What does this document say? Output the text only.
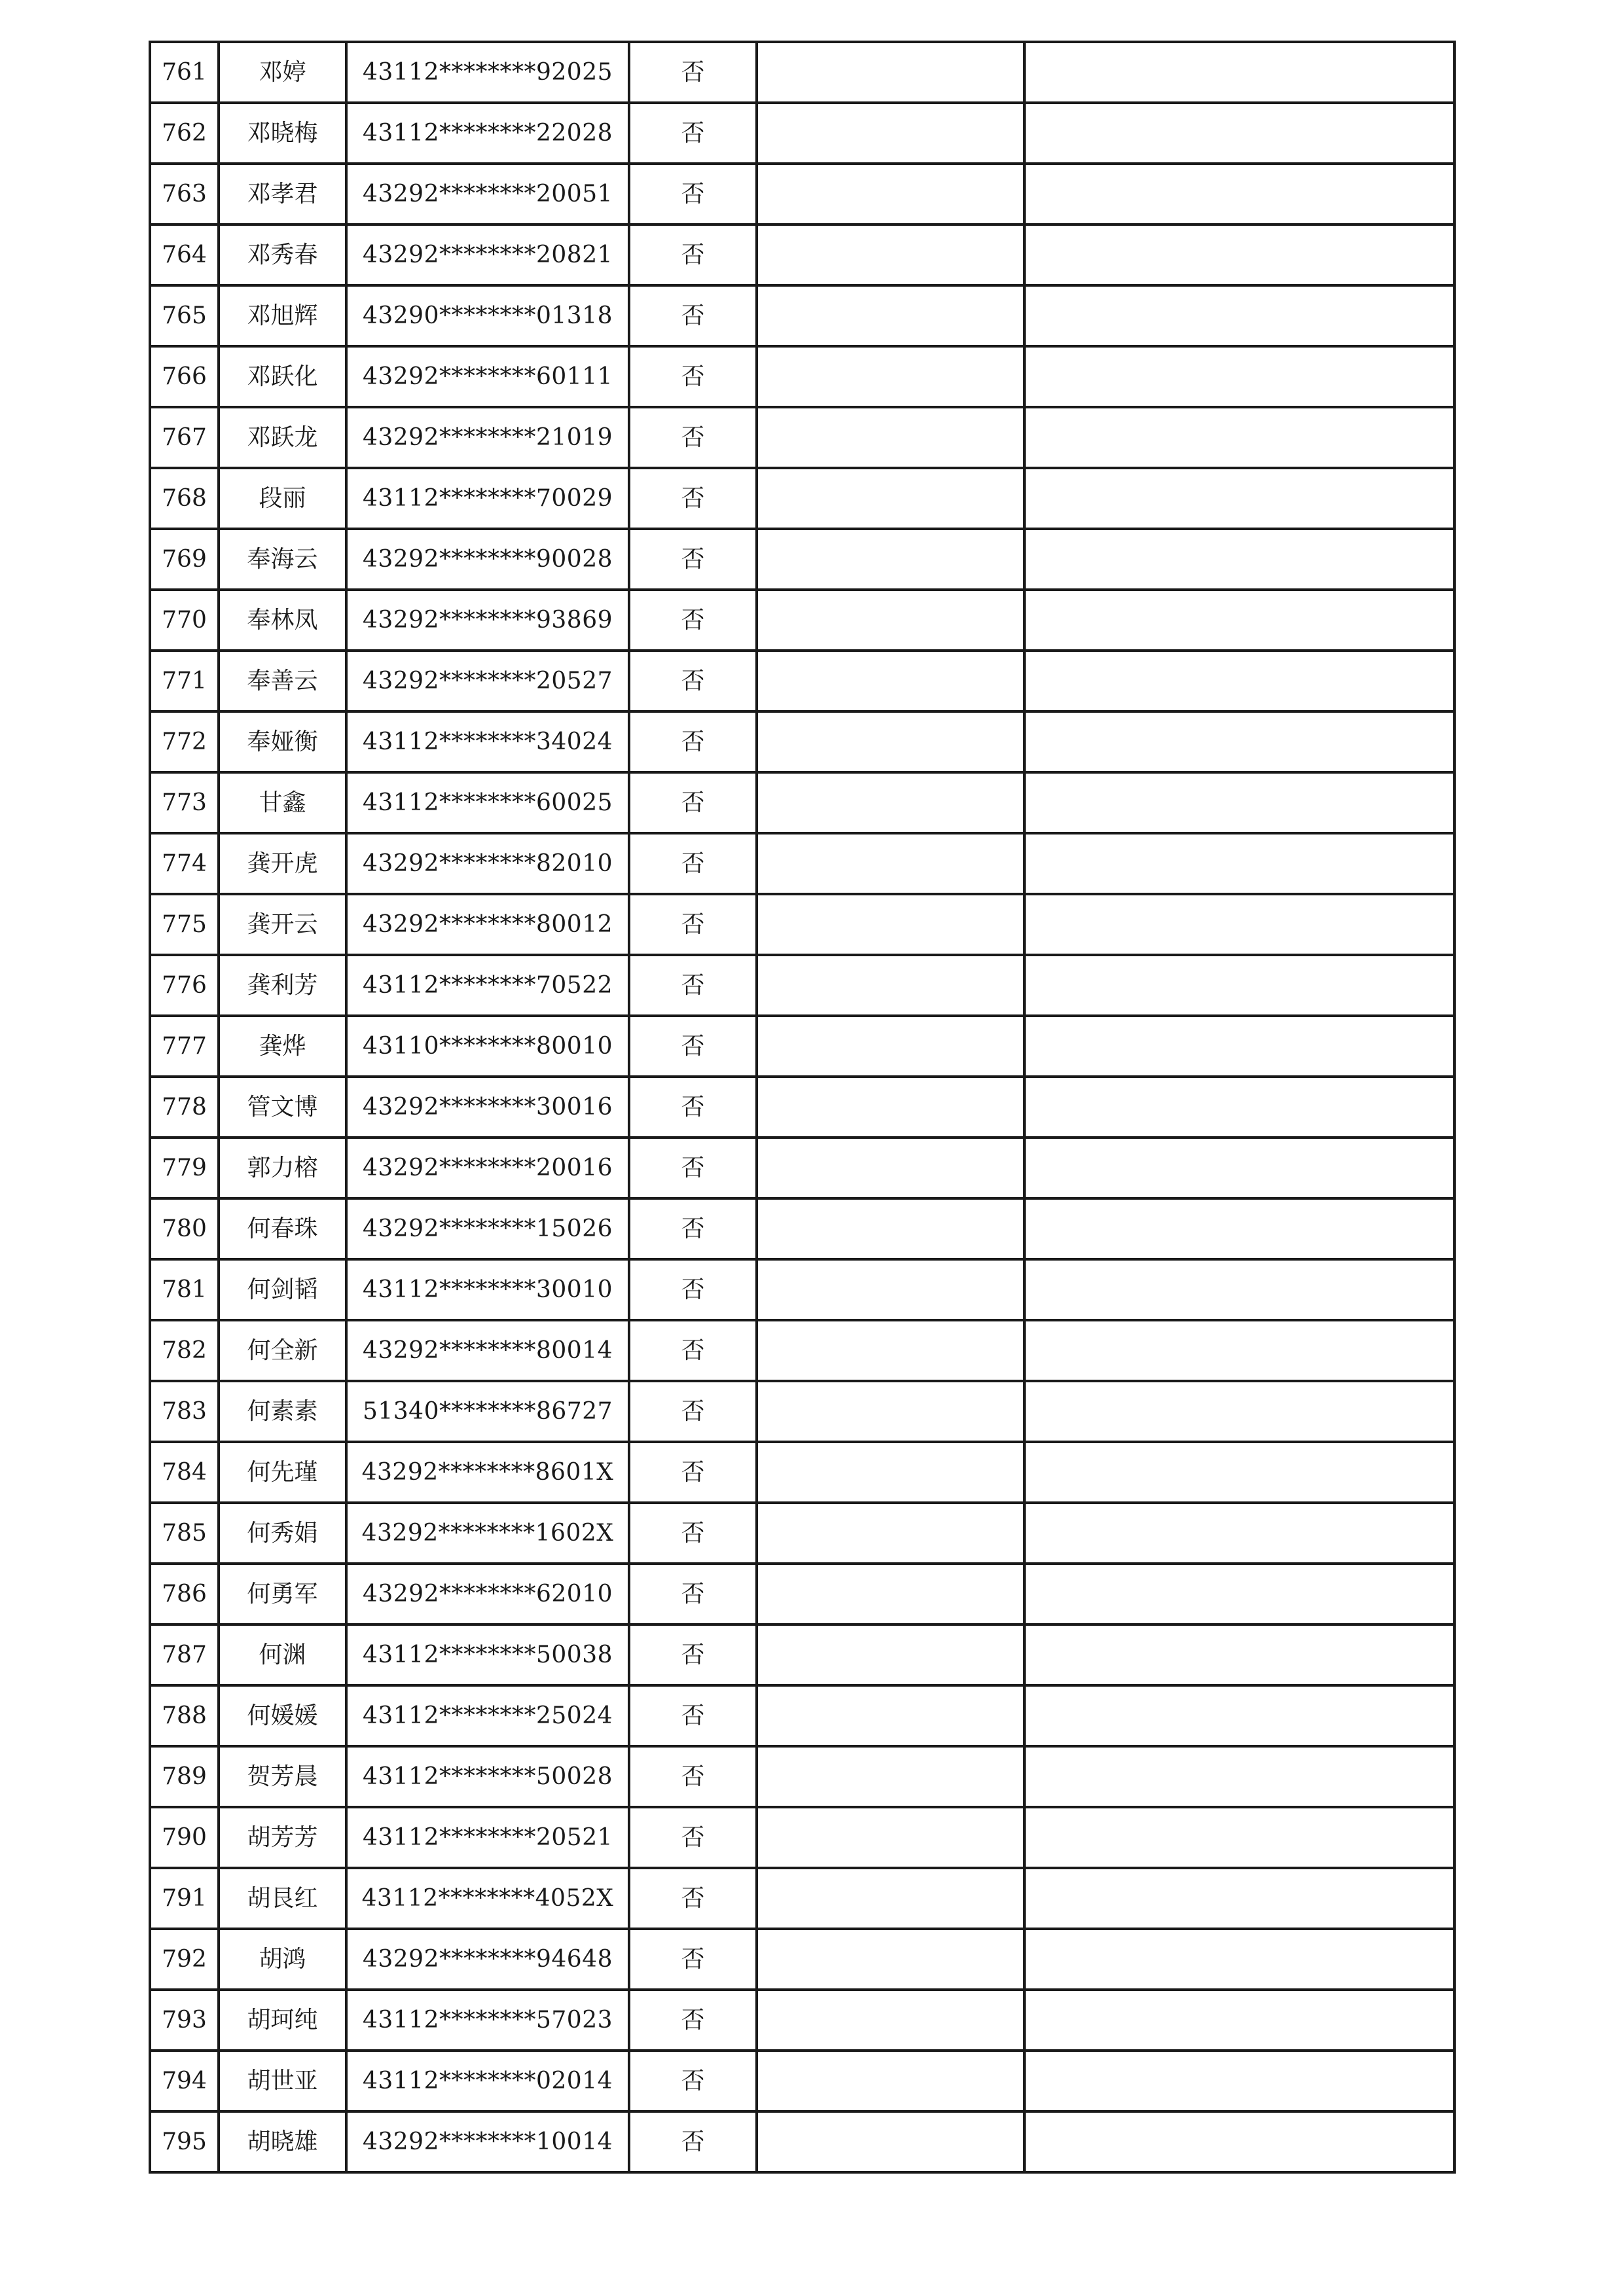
761	邓婷	43112********92025	否		
762	邓晓梅	43112********22028	否		
763	邓孝君	43292********20051	否		
764	邓秀春	43292********20821	否		
765	邓旭辉	43290********01318	否		
766	邓跃化	43292********60111	否		
767	邓跃龙	43292********21019	否		
768	段丽	43112********70029	否		
769	奉海云	43292********90028	否		
770	奉林凤	43292********93869	否		
771	奉善云	43292********20527	否		
772	奉娅衡	43112********34024	否		
773	甘鑫	43112********60025	否		
774	龚开虎	43292********82010	否		
775	龚开云	43292********80012	否		
776	龚利芳	43112********70522	否		
777	龚烨	43110********80010	否		
778	管文博	43292********30016	否		
779	郭力榕	43292********20016	否		
780	何春珠	43292********15026	否		
781	何剑韬	43112********30010	否		
782	何全新	43292********80014	否		
783	何素素	51340********86727	否		
784	何先瑾	43292********8601X	否		
785	何秀娟	43292********1602X	否		
786	何勇军	43292********62010	否		
787	何渊	43112********50038	否		
788	何媛媛	43112********25024	否		
789	贺芳晨	43112********50028	否		
790	胡芳芳	43112********20521	否		
791	胡艮红	43112********4052X	否		
792	胡鸿	43292********94648	否		
793	胡珂纯	43112********57023	否		
794	胡世亚	43112********02014	否		
795	胡晓雄	43292********10014	否		
